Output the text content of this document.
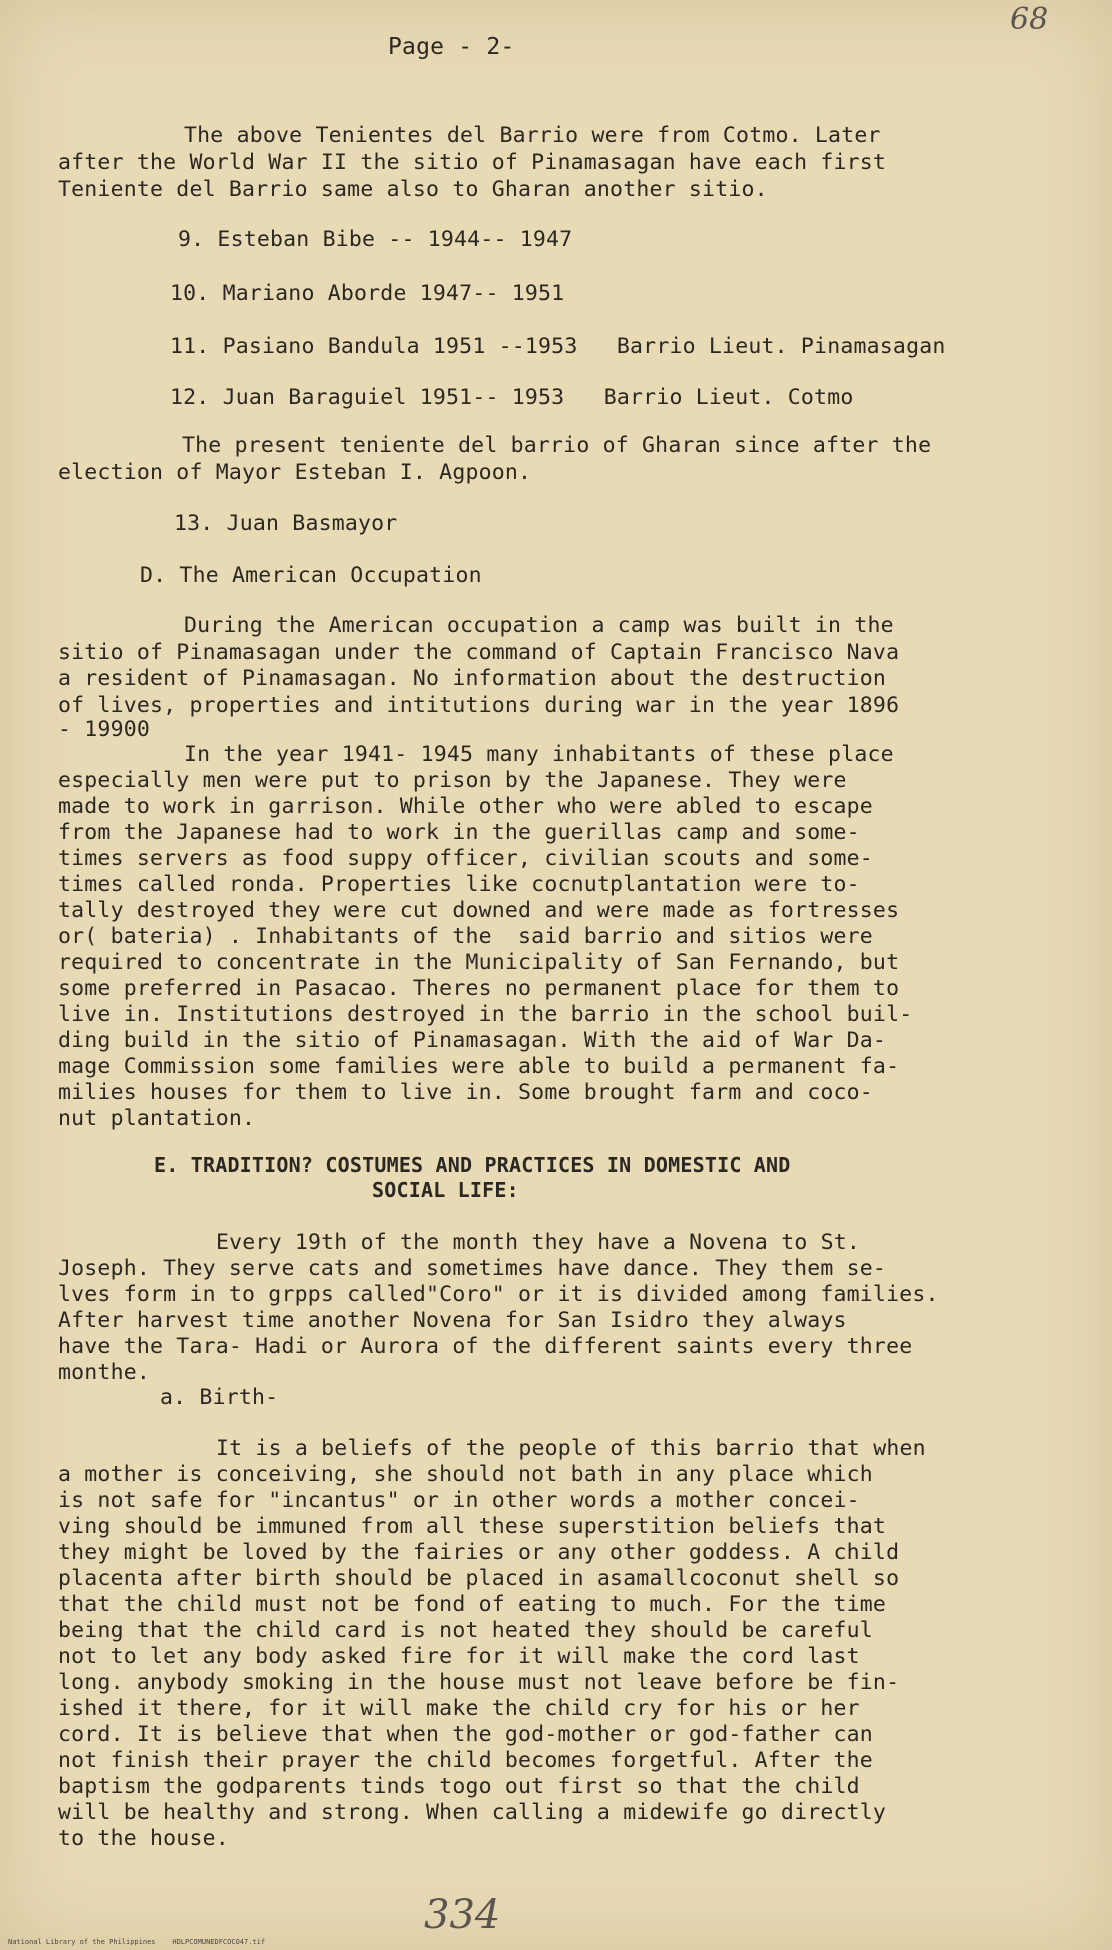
68
Page - 2-
The above Tenientes del Barrio were from Cotmo. Later
after the World War II the sitio of Pinamasagan have each first
Teniente del Barrio same also to Gharan another sitio.
9. Esteban Bibe -- 1944-- 1947
10. Mariano Aborde 1947-- 1951
11. Pasiano Bandula 1951 --1953   Barrio Lieut. Pinamasagan
12. Juan Baraguiel 1951-- 1953   Barrio Lieut. Cotmo
The present teniente del barrio of Gharan since after the
election of Mayor Esteban I. Agpoon.
13. Juan Basmayor
D. The American Occupation
During the American occupation a camp was built in the
sitio of Pinamasagan under the command of Captain Francisco Nava
a resident of Pinamasagan. No information about the destruction
of lives, properties and intitutions during war in the year 1896
- 19900
In the year 1941- 1945 many inhabitants of these place
especially men were put to prison by the Japanese. They were
made to work in garrison. While other who were abled to escape
from the Japanese had to work in the guerillas camp and some-
times servers as food suppy officer, civilian scouts and some-
times called ronda. Properties like cocnutplantation were to-
tally destroyed they were cut downed and were made as fortresses
or( bateria) . Inhabitants of the  said barrio and sitios were
required to concentrate in the Municipality of San Fernando, but
some preferred in Pasacao. Theres no permanent place for them to
live in. Institutions destroyed in the barrio in the school buil-
ding build in the sitio of Pinamasagan. With the aid of War Da-
mage Commission some families were able to build a permanent fa-
milies houses for them to live in. Some brought farm and coco-
nut plantation.
E. TRADITION? COSTUMES AND PRACTICES IN DOMESTIC AND
SOCIAL LIFE:
Every 19th of the month they have a Novena to St.
Joseph. They serve cats and sometimes have dance. They them se-
lves form in to grpps called"Coro" or it is divided among families.
After harvest time another Novena for San Isidro they always
have the Tara- Hadi or Aurora of the different saints every three
monthe.
a. Birth-
It is a beliefs of the people of this barrio that when
a mother is conceiving, she should not bath in any place which
is not safe for "incantus" or in other words a mother concei-
ving should be immuned from all these superstition beliefs that
they might be loved by the fairies or any other goddess. A child
placenta after birth should be placed in asamallcoconut shell so
that the child must not be fond of eating to much. For the time
being that the child card is not heated they should be careful
not to let any body asked fire for it will make the cord last
long. anybody smoking in the house must not leave before be fin-
ished it there, for it will make the child cry for his or her
cord. It is believe that when the god-mother or god-father can
not finish their prayer the child becomes forgetful. After the
baptism the godparents tinds togo out first so that the child
will be healthy and strong. When calling a midewife go directly
to the house.
334
National Library of the Philippines    HDLPCOMUNEDFCOCO47.tif
